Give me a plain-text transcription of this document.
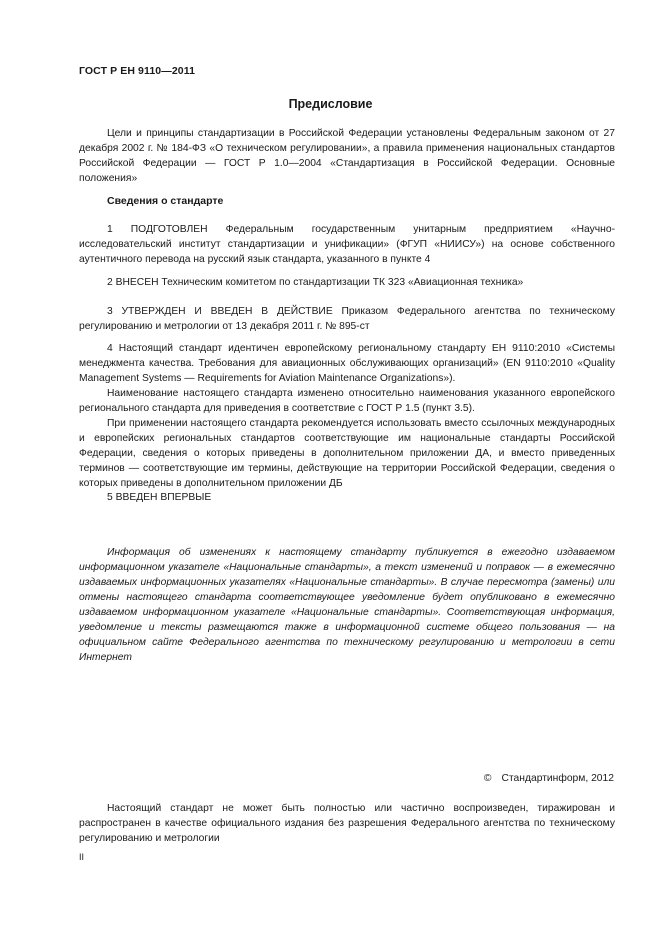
ГОСТ Р ЕН 9110—2011
Предисловие

Цели и принципы стандартизации в Российской Федерации установлены Федеральным законом от 27 декабря 2002 г. № 184-ФЗ «О техническом регулировании», а правила применения национальных стандартов Российской Федерации — ГОСТ Р 1.0—2004 «Стандартизация в Российской Федерации. Основные положения»

Сведения о стандарте

1 ПОДГОТОВЛЕН Федеральным государственным унитарным предприятием «Научно-исследовательский институт стандартизации и унификации» (ФГУП «НИИСУ») на основе собственного аутентичного перевода на русский язык стандарта, указанного в пункте 4

2 ВНЕСЕН Техническим комитетом по стандартизации ТК 323 «Авиационная техника»

3 УТВЕРЖДЕН И ВВЕДЕН В ДЕЙСТВИЕ Приказом Федерального агентства по техническому регулированию и метрологии от 13 декабря 2011 г. № 895-ст

4 Настоящий стандарт идентичен европейскому региональному стандарту ЕН 9110:2010 «Системы менеджмента качества. Требования для авиационных обслуживающих организаций» (EN 9110:2010 «Quality Management Systems — Requirements for Aviation Maintenance Organizations»).

Наименование настоящего стандарта изменено относительно наименования указанного европейского регионального стандарта для приведения в соответствие с ГОСТ Р 1.5 (пункт 3.5).

При применении настоящего стандарта рекомендуется использовать вместо ссылочных международных и европейских региональных стандартов соответствующие им национальные стандарты Российской Федерации, сведения о которых приведены в дополнительном приложении ДА, и вместо приведенных терминов — соответствующие им термины, действующие на территории Российской Федерации, сведения о которых приведены в дополнительном приложении ДБ

5 ВВЕДЕН ВПЕРВЫЕ

Информация об изменениях к настоящему стандарту публикуется в ежегодно издаваемом информационном указателе «Национальные стандарты», а текст изменений и поправок — в ежемесячно издаваемых информационных указателях «Национальные стандарты». В случае пересмотра (замены) или отмены настоящего стандарта соответствующее уведомление будет опубликовано в ежемесячно издаваемом информационном указателе «Национальные стандарты». Соответствующая информация, уведомление и тексты размещаются также в информационной системе общего пользования — на официальном сайте Федерального агентства по техническому регулированию и метрологии в сети Интернет

© Стандартинформ, 2012

Настоящий стандарт не может быть полностью или частично воспроизведен, тиражирован и распространен в качестве официального издания без разрешения Федерального агентства по техническому регулированию и метрологии

II
